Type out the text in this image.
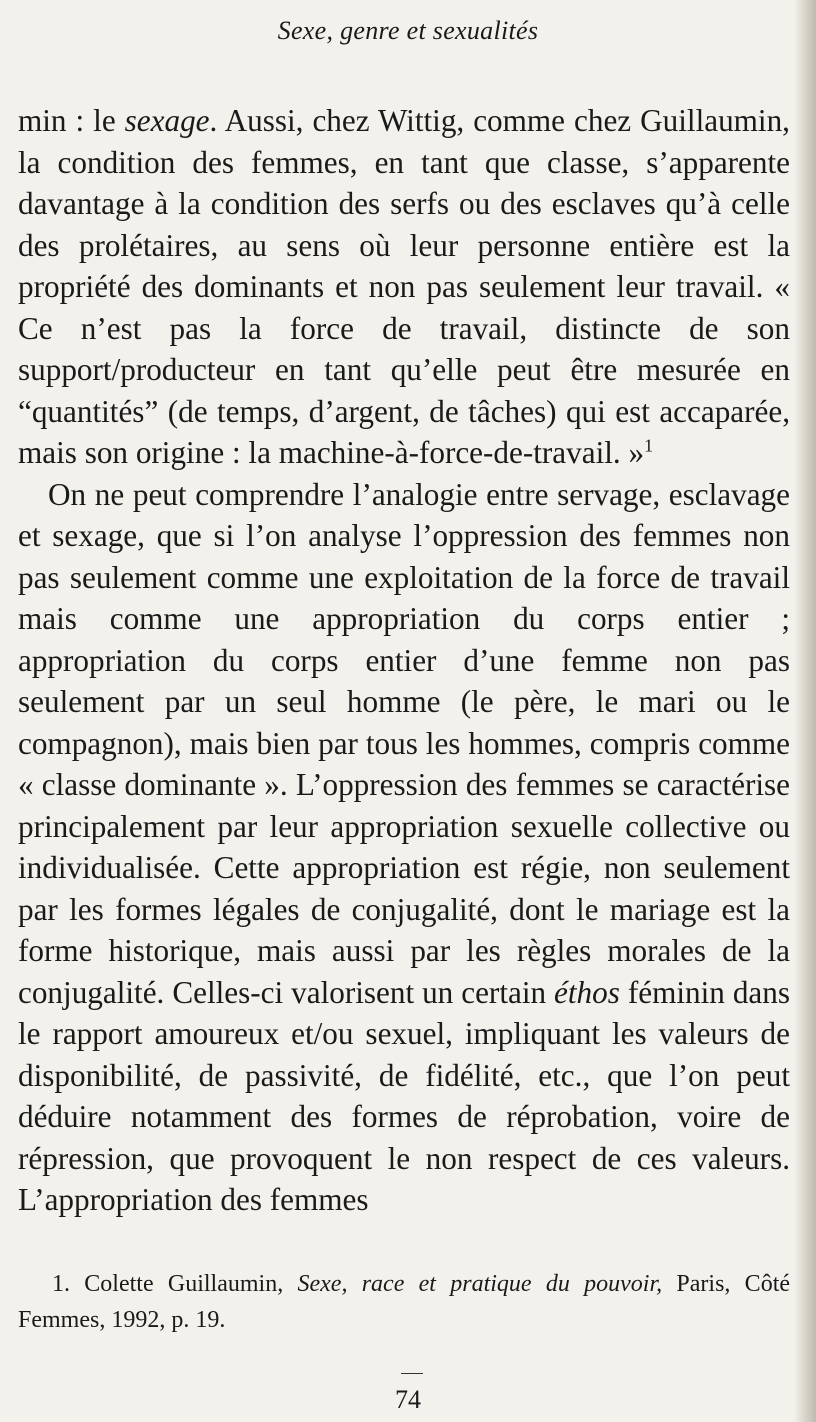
Sexe, genre et sexualités

min : le sexage. Aussi, chez Wittig, comme chez Guillaumin, la condition des femmes, en tant que classe, s’apparente davantage à la condition des serfs ou des esclaves qu’à celle des prolétaires, au sens où leur personne entière est la propriété des dominants et non pas seulement leur travail. « Ce n’est pas la force de travail, distincte de son support/producteur en tant qu’elle peut être mesurée en “quantités” (de temps, d’argent, de tâches) qui est accaparée, mais son origine : la machine-à-force-de-travail. »$^1$

On ne peut comprendre l’analogie entre servage, esclavage et sexage, que si l’on analyse l’oppression des femmes non pas seulement comme une exploitation de la force de travail mais comme une appropriation du corps entier ; appropriation du corps entier d’une femme non pas seulement par un seul homme (le père, le mari ou le compagnon), mais bien par tous les hommes, compris comme « classe dominante ». L’oppression des femmes se caractérise principalement par leur appropriation sexuelle collective ou individualisée. Cette appropriation est régie, non seulement par les formes légales de conjugalité, dont le mariage est la forme historique, mais aussi par les règles morales de la conjugalité. Celles-ci valorisent un certain éthos féminin dans le rapport amoureux et/ou sexuel, impliquant les valeurs de disponibilité, de passivité, de fidélité, etc., que l’on peut déduire notamment des formes de réprobation, voire de répression, que provoquent le non respect de ces valeurs. L’appropriation des femmes

1. Colette Guillaumin, Sexe, race et pratique du pouvoir, Paris, Côté Femmes, 1992, p. 19.
74
